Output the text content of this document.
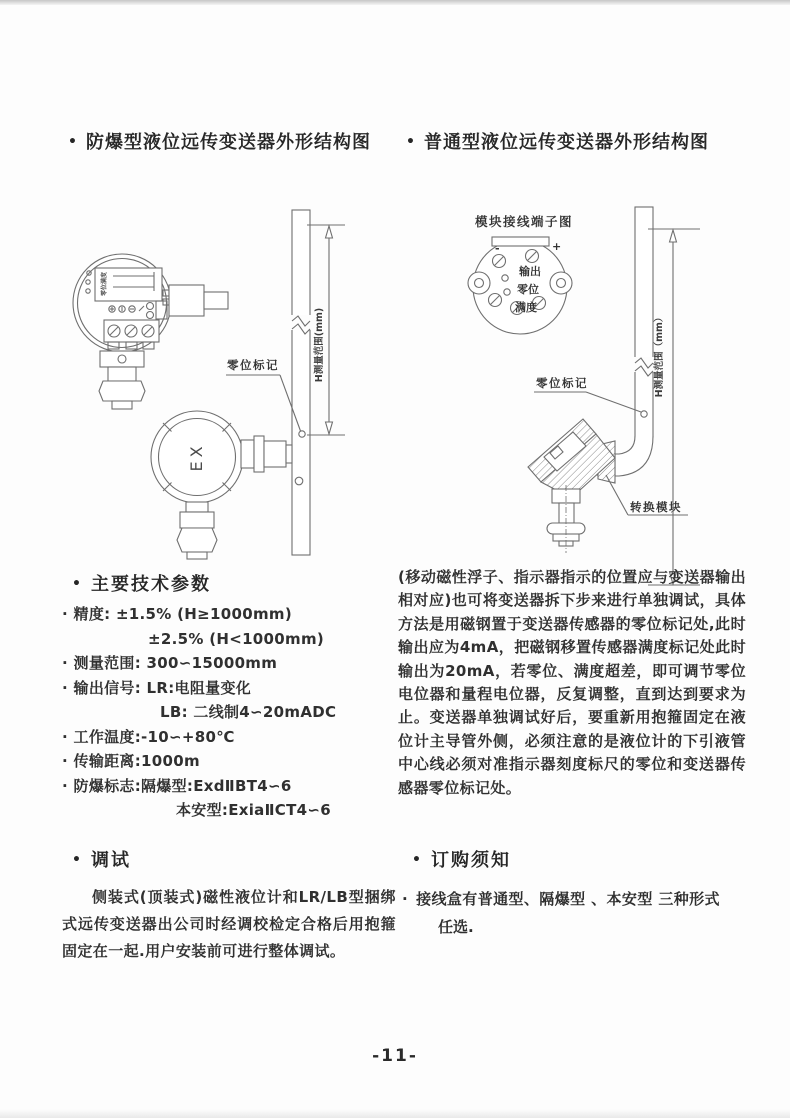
• 防爆型液位远传变送器外形结构图	• 普通型液位远传变送器外形结构图
H测量范围(mm)
零位满度
EX
零位标记
模块接线端子图
-	+
输出
零位
满度
转换模块
零位标记	H测量范围（mm）
• 主要技术参数
· 精度: ±1.5% (H≥1000mm)
±2.5% (H<1000mm)
· 测量范围: 300∽15000mm
· 输出信号: LR:电阻量变化
LB: 二线制4∽20mADC
· 工作温度:-10∽+80℃
· 传输距离:1000m
· 防爆标志:隔爆型:ExdⅡBT4∽6
本安型:ExiaⅡCT4∽6
(移动磁性浮子、指示器指示的位置应与变送器输出相对应)也可将变送器拆下步来进行单独调试，具体方法是用磁钢置于变送器传感器的零位标记处,此时输出应为4mA，把磁钢移置传感器满度标记处此时输出为20mA，若零位、满度超差，即可调节零位电位器和量程电位器，反复调整，直到达到要求为 止。变送器单独调试好后，要重新用抱箍固定在液位计主导管外侧，必须注意的是液位计的下引液管中心线必须对准指示器刻度标尺的零位和变送器传感器零位标记处。
• 调试
侧装式(顶装式)磁性液位计和LR/LB型捆绑式远传变送器出公司时经调校检定合格后用抱箍固定在一起.用户安装前可进行整体调试。
• 订购须知
· 接线盒有普通型、隔爆型 、本安型 三种形式
任选.
-11-
